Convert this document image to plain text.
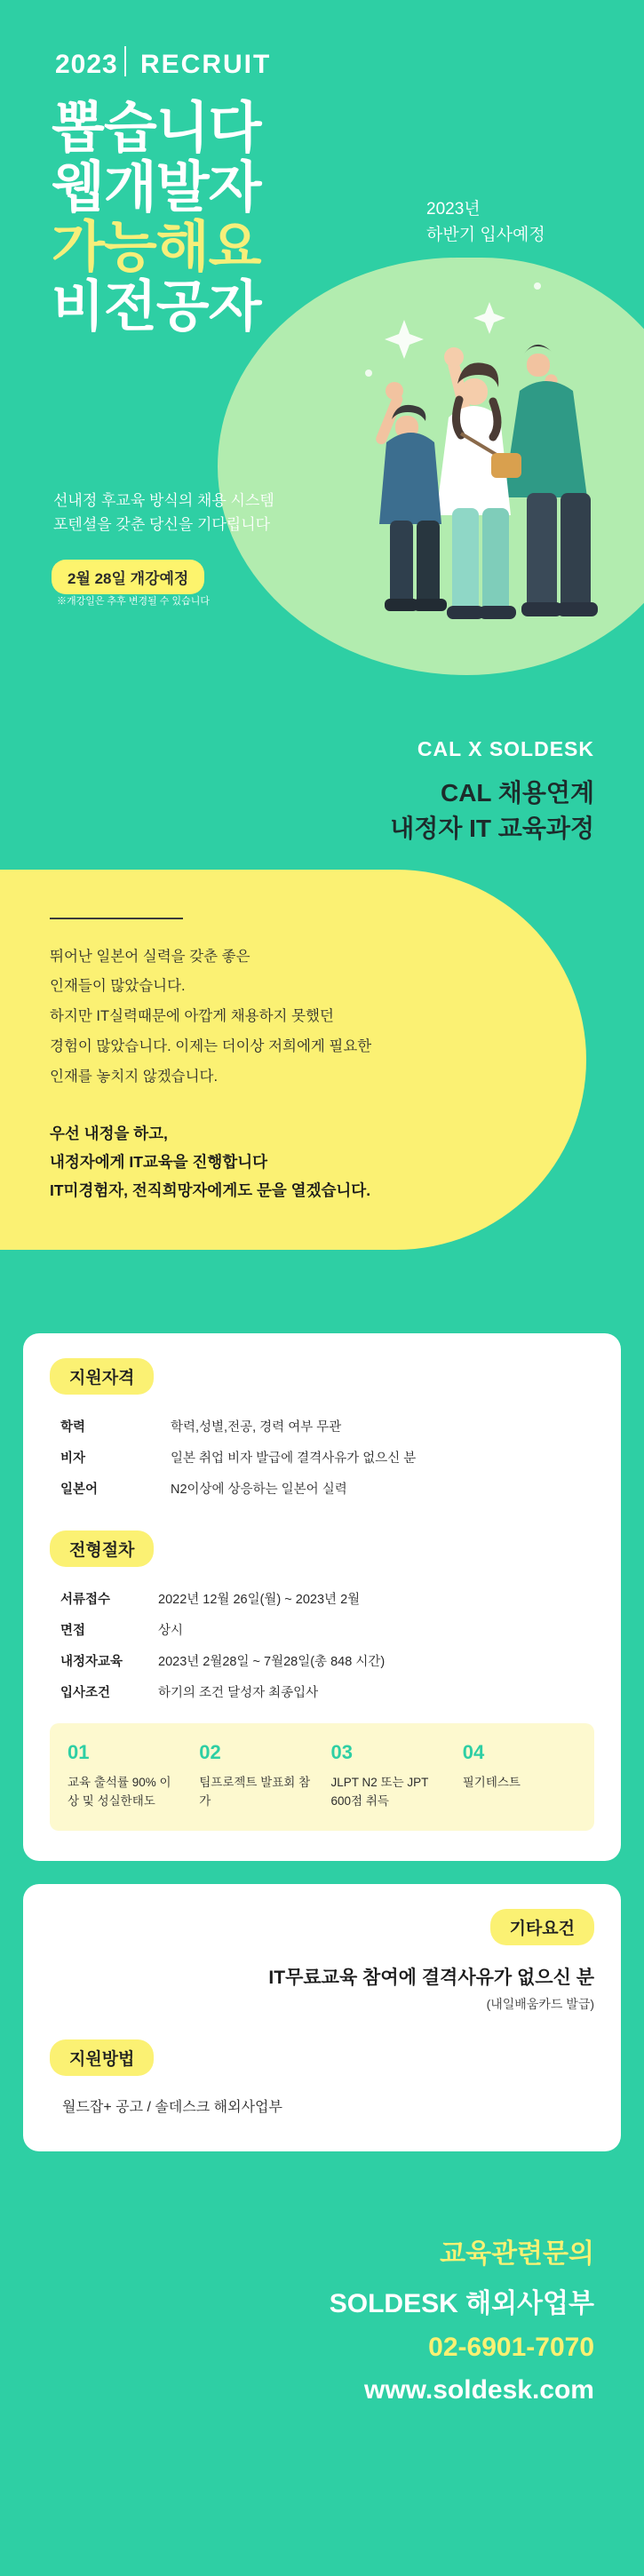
2023 RECRUIT
뽑습니다
웹개발자
가능해요
비전공자
2023년
하반기 입사예정
선내정 후교육 방식의 채용 시스템
포텐셜을 갖춘 당신을 기다립니다
2월 28일 개강예정
※개강일은 추후 변경될 수 있습니다
CAL X SOLDESK
CAL 채용연계
내정자 IT 교육과정

뛰어난 일본어 실력을 갖춘 좋은

인재들이 많았습니다.

하지만 IT실력때문에 아깝게 채용하지 못했던

경험이 많았습니다. 이제는 더이상 저희에게 필요한

인재를 놓치지 않겠습니다.

우선 내정을 하고,

내정자에게 IT교육을 진행합니다

IT미경험자, 전직희망자에게도 문을 열겠습니다.

지원자격
학력	학력,성별,전공, 경력 여부 무관
비자	일본 취업 비자 발급에 결격사유가 없으신 분
일본어	N2이상에 상응하는 일본어 실력
전형절차
서류접수	2022년 12월 26일(월) ~ 2023년 2월
면접	상시
내정자교육	2023년 2월28일 ~ 7월28일(총 848 시간)
입사조건	하기의 조건 달성자 최종입사
01
교육 출석률 90% 이상 및 성실한태도
02
팀프로젝트 발표회 참가
03
JLPT N2 또는 JPT 600점 취득
04
필기테스트
기타요건
IT무료교육 참여에 결격사유가 없으신 분
(내일배움카드 발급)
지원방법
월드잡+ 공고 / 솔데스크 해외사업부
교육관련문의
SOLDESK 해외사업부
02-6901-7070
www.soldesk.com
